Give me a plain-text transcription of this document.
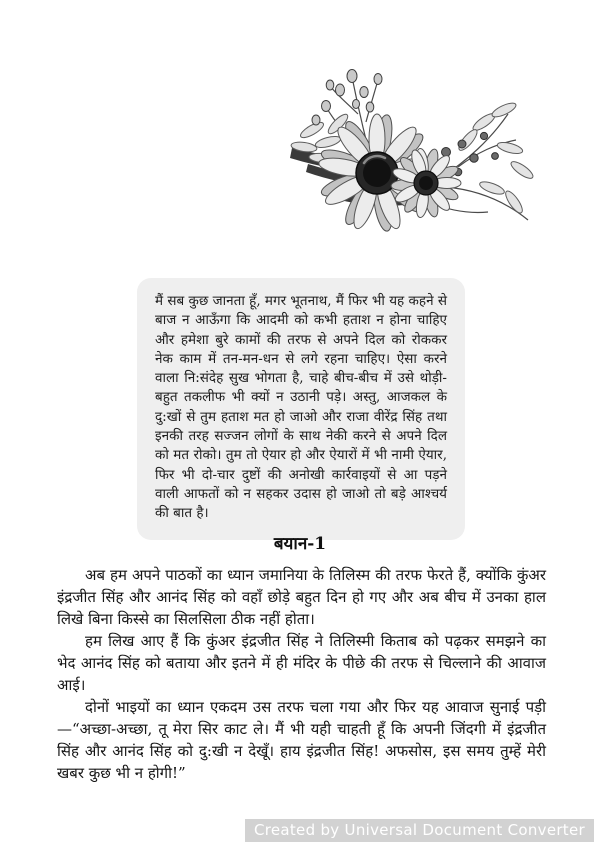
मैं सब कुछ जानता हूँ, मगर भूतनाथ, मैं फिर भी यह कहने से बाज न आऊँगा कि आदमी को कभी हताश न होना चाहिए और हमेशा बुरे कामों की तरफ से अपने दिल को रोककर नेक काम में तन-मन-धन से लगे रहना चाहिए। ऐसा करने वाला नि:संदेह सुख भोगता है, चाहे बीच-बीच में उसे थोड़ी-बहुत तकलीफ भी क्यों न उठानी पड़े। अस्तु, आजकल के दु:खों से तुम हताश मत हो जाओ और राजा वीरेंद्र सिंह तथा इनकी तरह सज्जन लोगों के साथ नेकी करने से अपने दिल को मत रोको। तुम तो ऐयार हो और ऐयारों में भी नामी ऐयार, फिर भी दो-चार दुष्टों की अनोखी कार्रवाइयों से आ पड़ने वाली आफतों को न सहकर उदास हो जाओ तो बड़े आश्चर्य की बात है।

बयान-1

अब हम अपने पाठकों का ध्यान जमानिया के तिलिस्म की तरफ फेरते हैं, क्योंकि कुंअर इंद्रजीत सिंह और आनंद सिंह को वहाँ छोड़े बहुत दिन हो गए और अब बीच में उनका हाल लिखे बिना किस्से का सिलसिला ठीक नहीं होता।

हम लिख आए हैं कि कुंअर इंद्रजीत सिंह ने तिलिस्मी किताब को पढ़कर समझने का भेद आनंद सिंह को बताया और इतने में ही मंदिर के पीछे की तरफ से चिल्लाने की आवाज आई।

दोनों भाइयों का ध्यान एकदम उस तरफ चला गया और फिर यह आवाज सुनाई पड़ी—“अच्छा-अच्छा, तू मेरा सिर काट ले। मैं भी यही चाहती हूँ कि अपनी जिंदगी में इंद्रजीत सिंह और आनंद सिंह को दु:खी न देखूँ। हाय इंद्रजीत सिंह! अफसोस, इस समय तुम्हें मेरी खबर कुछ भी न होगी!”

Created by Universal Document Converter
